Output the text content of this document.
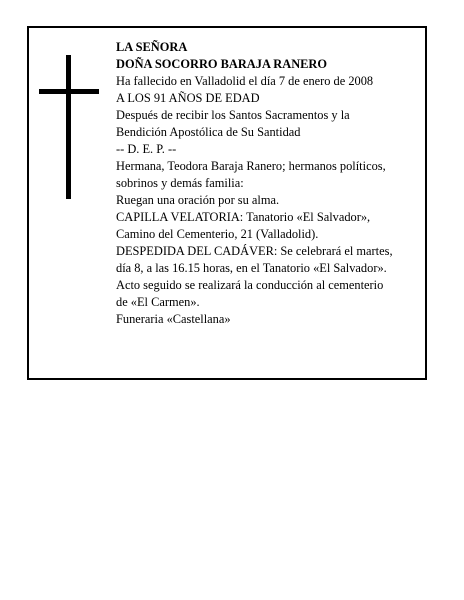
LA SEÑORA
DOÑA SOCORRO BARAJA RANERO
Ha fallecido en Valladolid el día 7 de enero de 2008
A LOS 91 AÑOS DE EDAD
Después de recibir los Santos Sacramentos y la
Bendición Apostólica de Su Santidad
-- D. E. P. --
Hermana, Teodora Baraja Ranero; hermanos políticos,
sobrinos y demás familia:
Ruegan una oración por su alma.
CAPILLA VELATORIA: Tanatorio «El Salvador»,
Camino del Cementerio, 21 (Valladolid).
DESPEDIDA DEL CADÁVER: Se celebrará el martes,
día 8, a las 16.15 horas, en el Tanatorio «El Salvador».
Acto seguido se realizará la conducción al cementerio
de «El Carmen».
Funeraria «Castellana»
